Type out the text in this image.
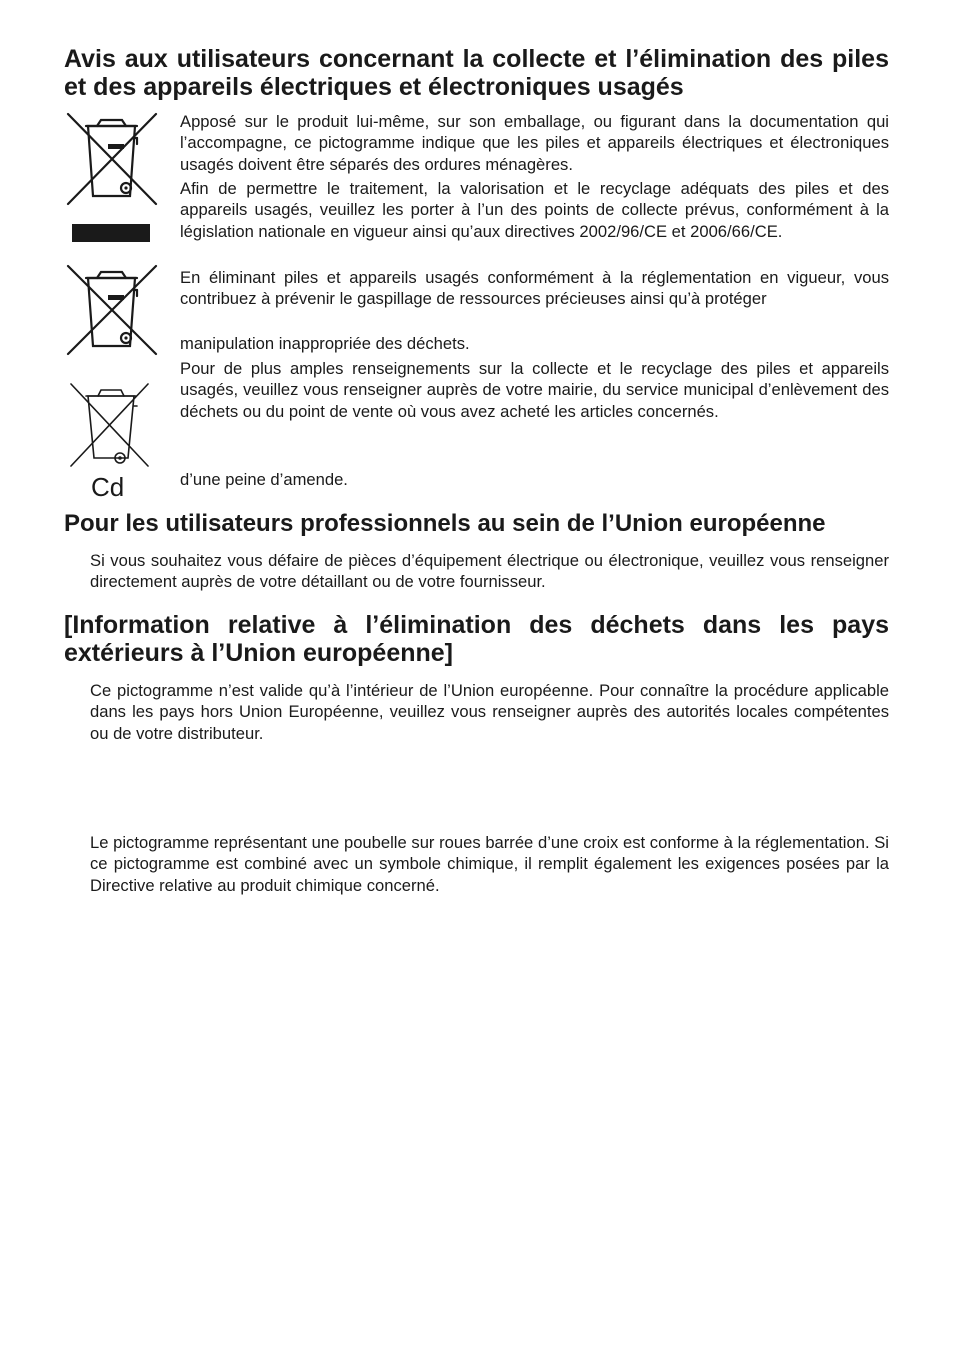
Avis aux utilisateurs concernant la collecte et l’élimination des piles et des appareils électriques et électroniques usagés
Cd

Apposé sur le produit lui-même, sur son emballage, ou figurant dans la documentation qui l’accompagne, ce pictogramme indique que les piles et appareils électriques et électroniques usagés doivent être séparés des ordures ménagères.

Afin de permettre le traitement, la valorisation et le recyclage adéquats des piles et des appareils usagés, veuillez les porter à l’un des points de collecte prévus, conformément à la législation nationale en vigueur ainsi qu’aux directives 2002/96/CE et 2006/66/CE.

En éliminant piles et appareils usagés conformément à la réglementation en vigueur, vous contribuez à prévenir le gaspillage de ressources précieuses ainsi qu’à protéger

manipulation inappropriée des déchets.

Pour de plus amples renseignements sur la collecte et le recyclage des piles et appareils usagés, veuillez vous renseigner auprès de votre mairie, du service municipal d’enlèvement des déchets ou du point de vente où vous avez acheté les articles concernés.

d’une peine d’amende.

Pour les utilisateurs professionnels au sein de l’Union européenne

Si vous souhaitez vous défaire de pièces d’équipement électrique ou électronique, veuillez vous renseigner directement auprès de votre détaillant ou de votre fournisseur.

[Information relative à l’élimination des déchets dans les pays extérieurs à l’Union européenne]

Ce pictogramme n’est valide qu’à l’intérieur de l’Union européenne. Pour connaître la procédure applicable dans les pays hors Union Européenne, veuillez vous renseigner auprès des autorités locales compétentes ou de votre distributeur.

Le pictogramme représentant une poubelle sur roues barrée d’une croix est conforme à la réglementation. Si ce pictogramme est combiné avec un symbole chimique, il remplit également les exigences posées par la Directive relative au produit chimique concerné.
